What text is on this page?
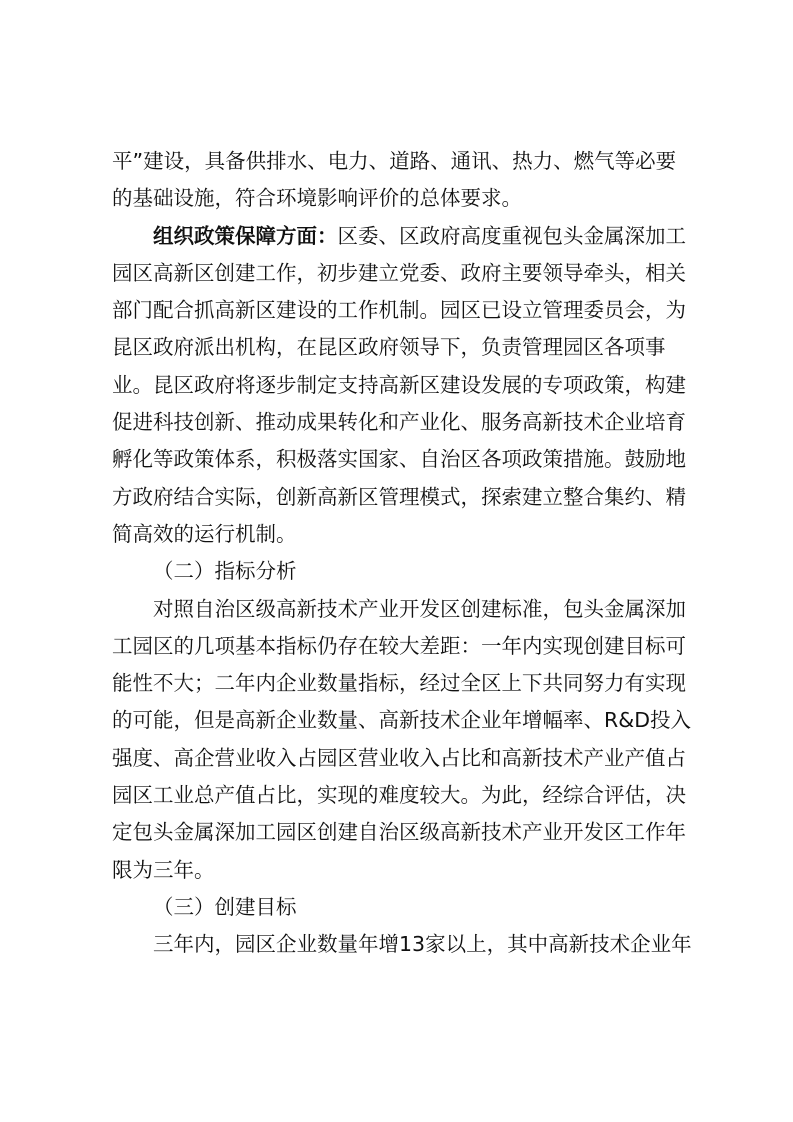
平”建设，具备供排水、电力、道路、通讯、热力、燃气等必要
的基础设施，符合环境影响评价的总体要求。
组织政策保障方面：区委、区政府高度重视包头金属深加工
园区高新区创建工作，初步建立党委、政府主要领导牵头，相关
部门配合抓高新区建设的工作机制。园区已设立管理委员会，为
昆区政府派出机构，在昆区政府领导下，负责管理园区各项事
业。昆区政府将逐步制定支持高新区建设发展的专项政策，构建
促进科技创新、推动成果转化和产业化、服务高新技术企业培育
孵化等政策体系，积极落实国家、自治区各项政策措施。鼓励地
方政府结合实际，创新高新区管理模式，探索建立整合集约、精
简高效的运行机制。
（二）指标分析
对照自治区级高新技术产业开发区创建标准，包头金属深加
工园区的几项基本指标仍存在较大差距：一年内实现创建目标可
能性不大；二年内企业数量指标，经过全区上下共同努力有实现
的可能，但是高新企业数量、高新技术企业年增幅率、R&D投入
强度、高企营业收入占园区营业收入占比和高新技术产业产值占
园区工业总产值占比，实现的难度较大。为此，经综合评估，决
定包头金属深加工园区创建自治区级高新技术产业开发区工作年
限为三年。
（三）创建目标
三年内，园区企业数量年增13家以上，其中高新技术企业年
